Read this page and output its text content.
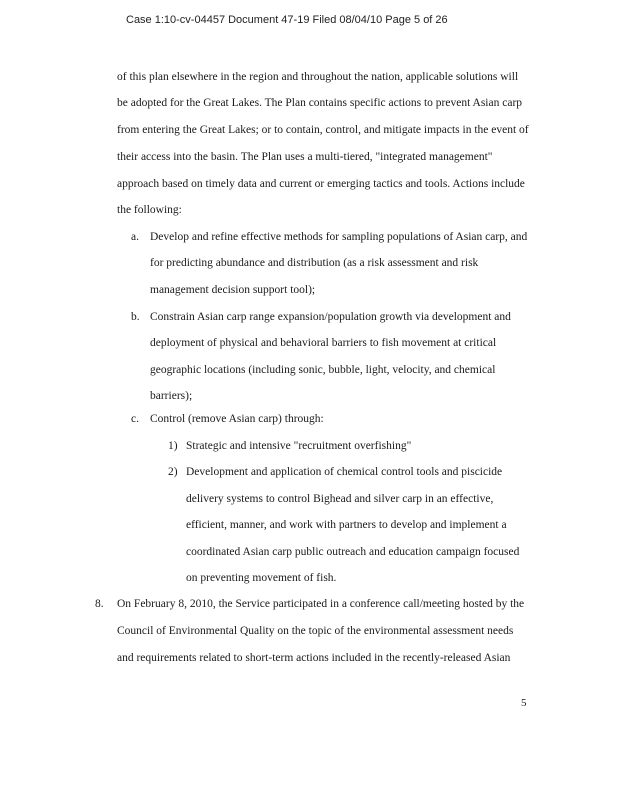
Case 1:10-cv-04457 Document 47-19 Filed 08/04/10 Page 5 of 26
of this plan elsewhere in the region and throughout the nation, applicable solutions will
be adopted for the Great Lakes. The Plan contains specific actions to prevent Asian carp
from entering the Great Lakes; or to contain, control, and mitigate impacts in the event of
their access into the basin. The Plan uses a multi-tiered, "integrated management"
approach based on timely data and current or emerging tactics and tools. Actions include
the following:
a. Develop and refine effective methods for sampling populations of Asian carp, and
for predicting abundance and distribution (as a risk assessment and risk
management decision support tool);
b. Constrain Asian carp range expansion/population growth via development and
deployment of physical and behavioral barriers to fish movement at critical
geographic locations (including sonic, bubble, light, velocity, and chemical
barriers);
c. Control (remove Asian carp) through:
1) Strategic and intensive "recruitment overfishing"
2) Development and application of chemical control tools and piscicide
delivery systems to control Bighead and silver carp in an effective,
efficient, manner, and work with partners to develop and implement a
coordinated Asian carp public outreach and education campaign focused
on preventing movement of fish.
8. On February 8, 2010, the Service participated in a conference call/meeting hosted by the
Council of Environmental Quality on the topic of the environmental assessment needs
and requirements related to short-term actions included in the recently-released Asian
5
